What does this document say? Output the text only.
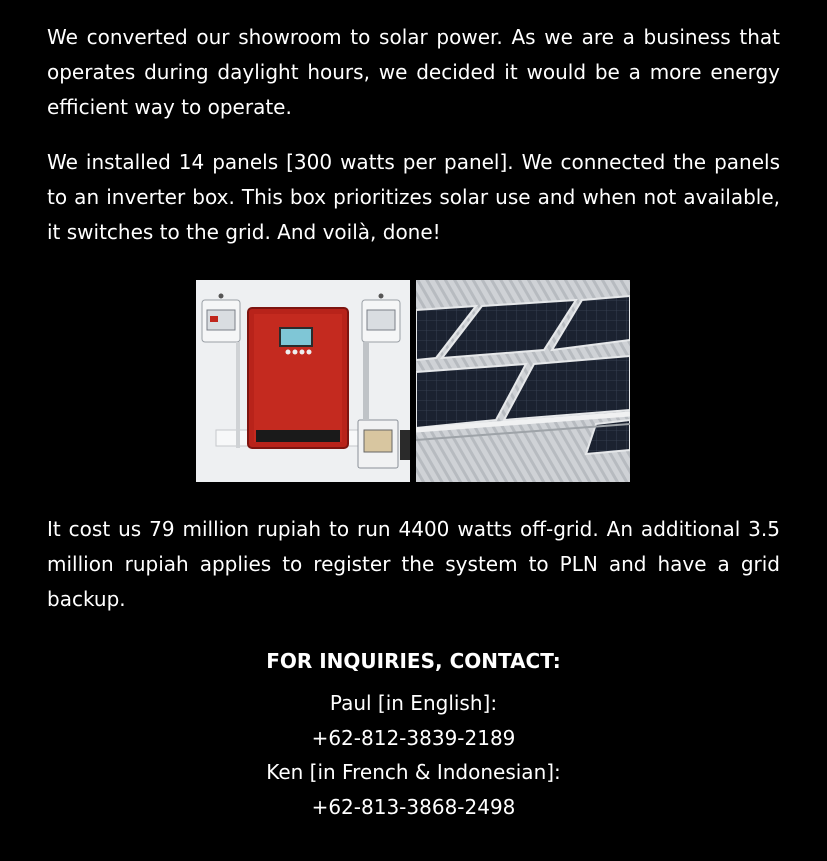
We converted our showroom to solar power. As we are a business that operates during daylight hours, we decided it would be a more energy efficient way to operate.

We installed 14 panels [300 watts per panel]. We connected the panels to an inverter box. This box prioritizes solar use and when not available, it switches to the grid. And voilà, done!

It cost us 79 million rupiah to run 4400 watts off-grid. An additional 3.5 million rupiah applies to register the system to PLN and have a grid backup.

FOR INQUIRIES, CONTACT:
Paul [in English]:
+62-812-3839-2189
Ken [in French & Indonesian]:
+62-813-3868-2498
